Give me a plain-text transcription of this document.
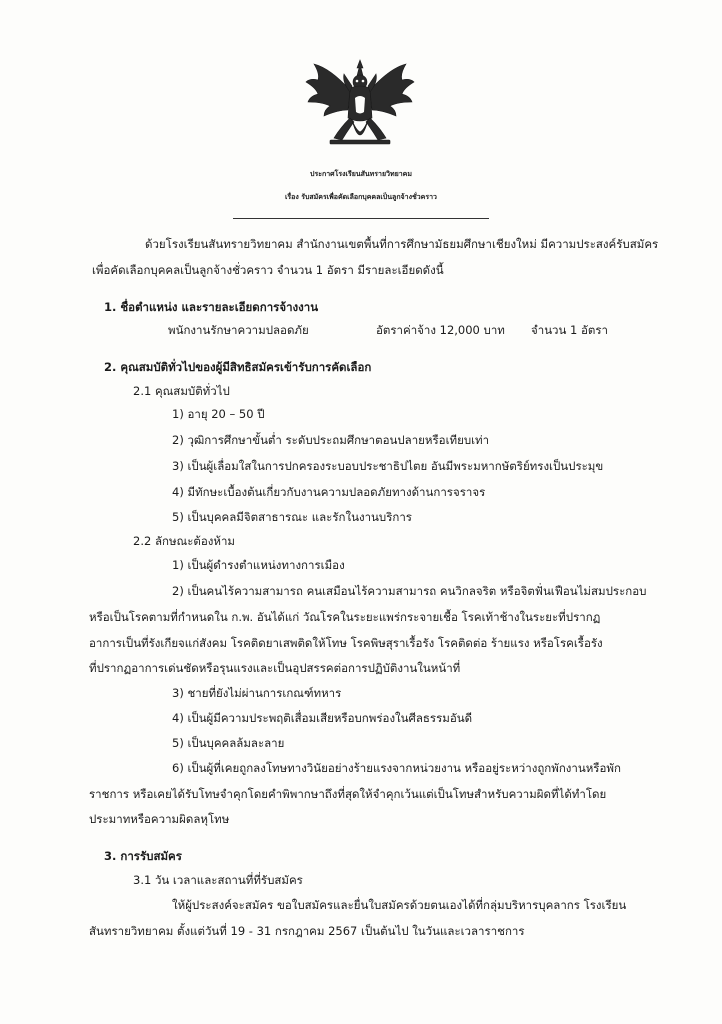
ประกาศโรงเรียนสันทรายวิทยาคม
เรื่อง รับสมัครเพื่อคัดเลือกบุคคลเป็นลูกจ้างชั่วคราว
ด้วยโรงเรียนสันทรายวิทยาคม สำนักงานเขตพื้นที่การศึกษามัธยมศึกษาเชียงใหม่ มีความประสงค์รับสมัคร
เพื่อคัดเลือกบุคคลเป็นลูกจ้างชั่วคราว จำนวน 1 อัตรา มีรายละเอียดดังนี้
1. ชื่อตำแหน่ง และรายละเอียดการจ้างงาน
พนักงานรักษาความปลอดภัย	อัตราค่าจ้าง 12,000 บาท จำนวน 1 อัตรา
2. คุณสมบัติทั่วไปของผู้มีสิทธิสมัครเข้ารับการคัดเลือก
2.1 คุณสมบัติทั่วไป
1) อายุ 20 – 50 ปี
2) วุฒิการศึกษาขั้นต่ำ ระดับประถมศึกษาตอนปลายหรือเทียบเท่า
3) เป็นผู้เลื่อมใสในการปกครองระบอบประชาธิปไตย อันมีพระมหากษัตริย์ทรงเป็นประมุข
4) มีทักษะเบื้องต้นเกี่ยวกับงานความปลอดภัยทางด้านการจราจร
5) เป็นบุคคลมีจิตสาธารณะ และรักในงานบริการ
2.2 ลักษณะต้องห้าม
1) เป็นผู้ดำรงตำแหน่งทางการเมือง
2) เป็นคนไร้ความสามารถ คนเสมือนไร้ความสามารถ คนวิกลจริต หรือจิตฟั่นเฟือนไม่สมประกอบ
หรือเป็นโรคตามที่กำหนดใน ก.พ. อันได้แก่ วัณโรคในระยะแพร่กระจายเชื้อ โรคเท้าช้างในระยะที่ปรากฏ
อาการเป็นที่รังเกียจแก่สังคม โรคติดยาเสพติดให้โทษ โรคพิษสุราเรื้อรัง โรคติดต่อ ร้ายแรง หรือโรคเรื้อรัง
ที่ปรากฏอาการเด่นชัดหรือรุนแรงและเป็นอุปสรรคต่อการปฏิบัติงานในหน้าที่
3) ชายที่ยังไม่ผ่านการเกณฑ์ทหาร
4) เป็นผู้มีความประพฤติเสื่อมเสียหรือบกพร่องในศีลธรรมอันดี
5) เป็นบุคคลล้มละลาย
6) เป็นผู้ที่เคยถูกลงโทษทางวินัยอย่างร้ายแรงจากหน่วยงาน หรืออยู่ระหว่างถูกพักงานหรือพัก
ราชการ หรือเคยได้รับโทษจำคุกโดยคำพิพากษาถึงที่สุดให้จำคุกเว้นแต่เป็นโทษสำหรับความผิดที่ได้ทำโดย
ประมาทหรือความผิดลหุโทษ
3. การรับสมัคร
3.1 วัน เวลาและสถานที่ที่รับสมัคร
ให้ผู้ประสงค์จะสมัคร ขอใบสมัครและยื่นใบสมัครด้วยตนเองได้ที่กลุ่มบริหารบุคลากร โรงเรียน
สันทรายวิทยาคม ตั้งแต่วันที่ 19 - 31 กรกฎาคม 2567 เป็นต้นไป ในวันและเวลาราชการ
